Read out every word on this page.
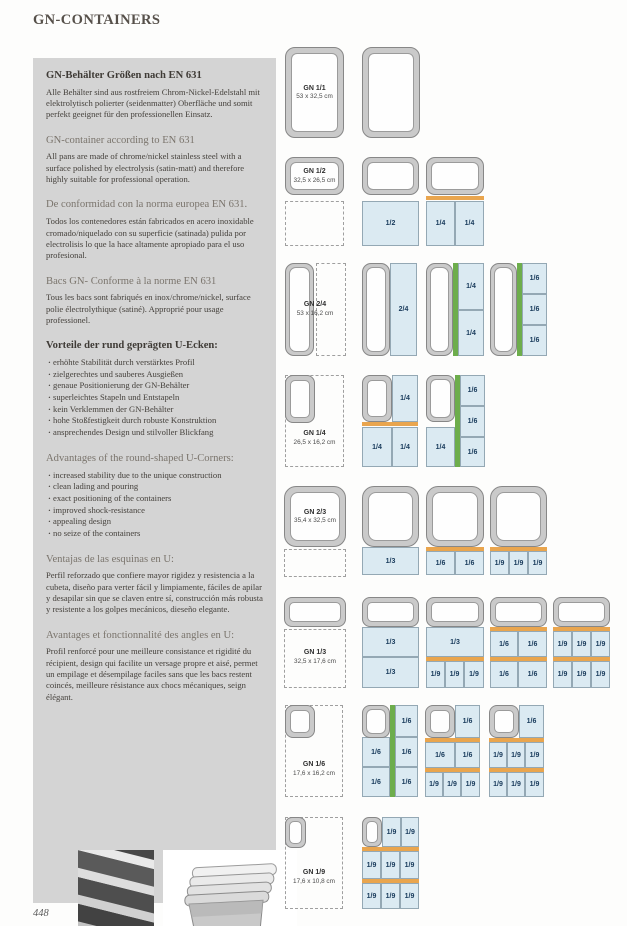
GN-CONTAINERS
GN-Behälter Größen nach EN 631

Alle Behälter sind aus rostfreiem Chrom-Nickel-Edelstahl mit elektrolytisch polierter (seidenmatter) Oberfläche und somit perfekt geeignet für den professionellen Einsatz.

GN-container according to EN 631

All pans are made of chrome/nickel stainless steel with a surface polished by electrolysis (satin-matt) and therefore highly suitable for professional operation.

De conformidad con la norma europea EN 631.

Todos los contenedores están fabricados en acero inoxidable cromado/niquelado con su superficie (satinada) pulida por electrolisis lo que la hace altamente apropiado para el uso profesional.

Bacs GN- Conforme à la norme EN 631

Tous les bacs sont fabriqués en inox/chrome/nickel, surface polie électrolythique (satiné). Approprié pour usage professionel.

Vorteile der rund geprägten U-Ecken:
· erhöhte Stabilität durch verstärktes Profil
· zielgerechtes und sauberes Ausgießen
· genaue Positionierung der GN-Behälter
· superleichtes Stapeln und Entstapeln
· kein Verklemmen der GN-Behälter
· hohe Stoßfestigkeit durch robuste Konstruktion
· ansprechendes Design und stilvoller Blickfang
Advantages of the round-shaped U-Corners:
· increased stability due to the unique construction
· clean lading and pouring
· exact positioning of the containers
· improved shock-resistance
· appealing design
· no seize of the containers
Ventajas de las esquinas en U:

Perfil reforzado que confiere mayor rigidez y resistencia a la cubeta, diseño para verter fácil y limpiamente, fáciles de apilar y desapilar sin que se claven entre sí, construcción más robusta y resistente a los golpes mecánicos, dieseño elegante.

Avantages et fonctionnalité des angles en U:

Profil renforcé pour une meilleure consistance et rigidité du récipient, design qui facilite un versage propre et aisé, permet un empilage et désempilage faciles sans que les bacs restent coincés, meilleure résistance aux chocs mécaniques, seign élégant.

GN 1/1
53 x 32,5 cm
GN 1/2
32,5 x 26,5 cm
1/2	1/4	1/4
GN 2/4
53 x 16,2 cm
2/4
1/4
1/4
1/6
1/6
1/6
GN 1/4
26,5 x 16,2 cm
1/4
1/4	1/4	1/4
1/6
1/6
1/6
GN 2/3
35,4 x 32,5 cm
1/3	1/6	1/6	1/9	1/9	1/9
GN 1/3
32,5 x 17,6 cm
1/3
1/3
1/3
1/9	1/9	1/9
1/6	1/6
1/6	1/6
1/9	1/9	1/9
1/9	1/9	1/9
GN 1/6
17,6 x 16,2 cm
1/6
1/6	1/6
1/6	1/6
1/6
1/6	1/6
1/9	1/9	1/9
1/6
1/9	1/9	1/9
1/9	1/9	1/9
GN 1/9
17,6 x 10,8 cm
1/9	1/9
1/9	1/9	1/9
1/9	1/9	1/9
448
